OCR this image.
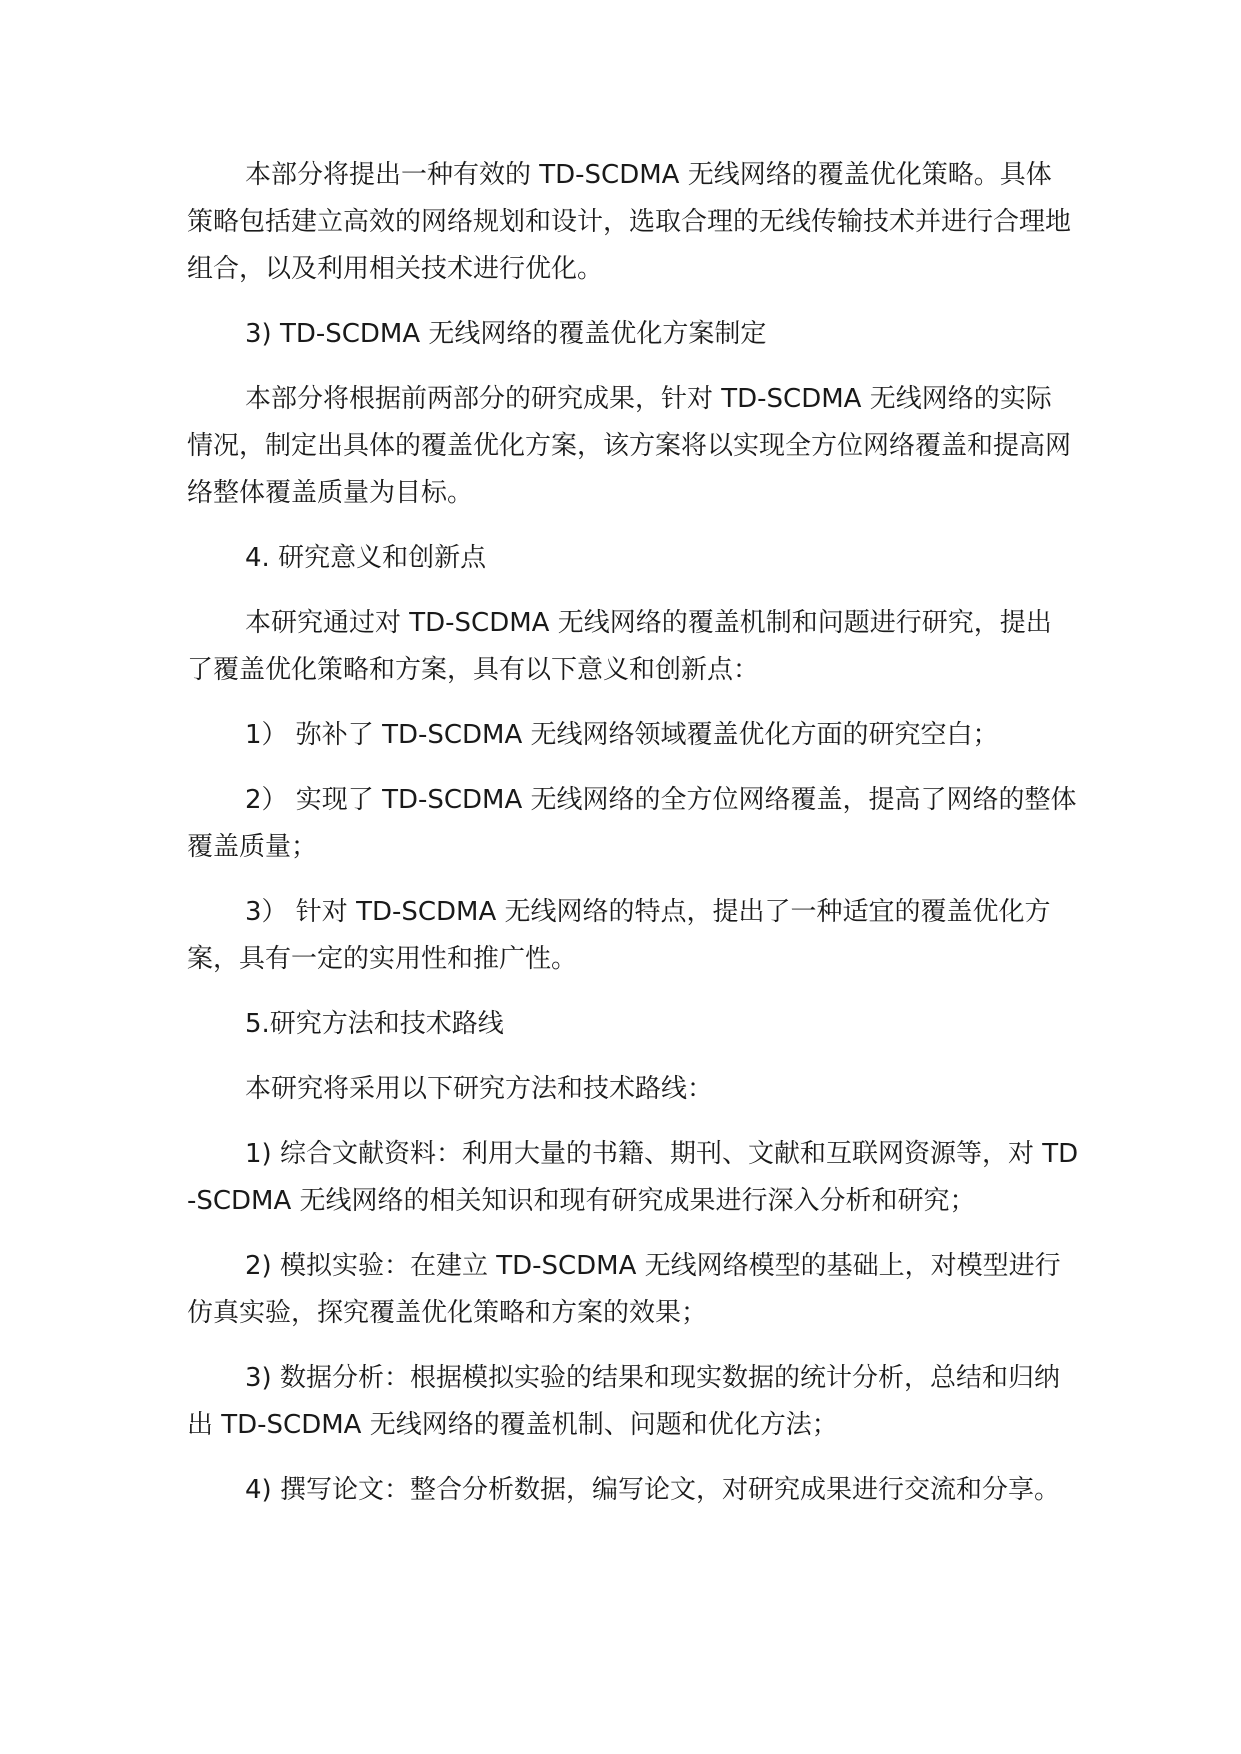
本部分将提出一种有效的 TD-SCDMA 无线网络的覆盖优化策略。具体策略包括建立高效的网络规划和设计，选取合理的无线传输技术并进行合理地组合，以及利用相关技术进行优化。

3) TD-SCDMA 无线网络的覆盖优化方案制定

本部分将根据前两部分的研究成果，针对 TD-SCDMA 无线网络的实际情况，制定出具体的覆盖优化方案，该方案将以实现全方位网络覆盖和提高网络整体覆盖质量为目标。

4. 研究意义和创新点

本研究通过对 TD-SCDMA 无线网络的覆盖机制和问题进行研究，提出了覆盖优化策略和方案，具有以下意义和创新点：

1） 弥补了 TD-SCDMA 无线网络领域覆盖优化方面的研究空白；

2） 实现了 TD-SCDMA 无线网络的全方位网络覆盖，提高了网络的整体覆盖质量；

3） 针对 TD-SCDMA 无线网络的特点，提出了一种适宜的覆盖优化方案，具有一定的实用性和推广性。

5.研究方法和技术路线

本研究将采用以下研究方法和技术路线：

1) 综合文献资料：利用大量的书籍、期刊、文献和互联网资源等，对 TD-SCDMA 无线网络的相关知识和现有研究成果进行深入分析和研究；

2) 模拟实验：在建立 TD-SCDMA 无线网络模型的基础上，对模型进行仿真实验，探究覆盖优化策略和方案的效果；

3) 数据分析：根据模拟实验的结果和现实数据的统计分析，总结和归纳出 TD-SCDMA 无线网络的覆盖机制、问题和优化方法；

4) 撰写论文：整合分析数据，编写论文，对研究成果进行交流和分享。
